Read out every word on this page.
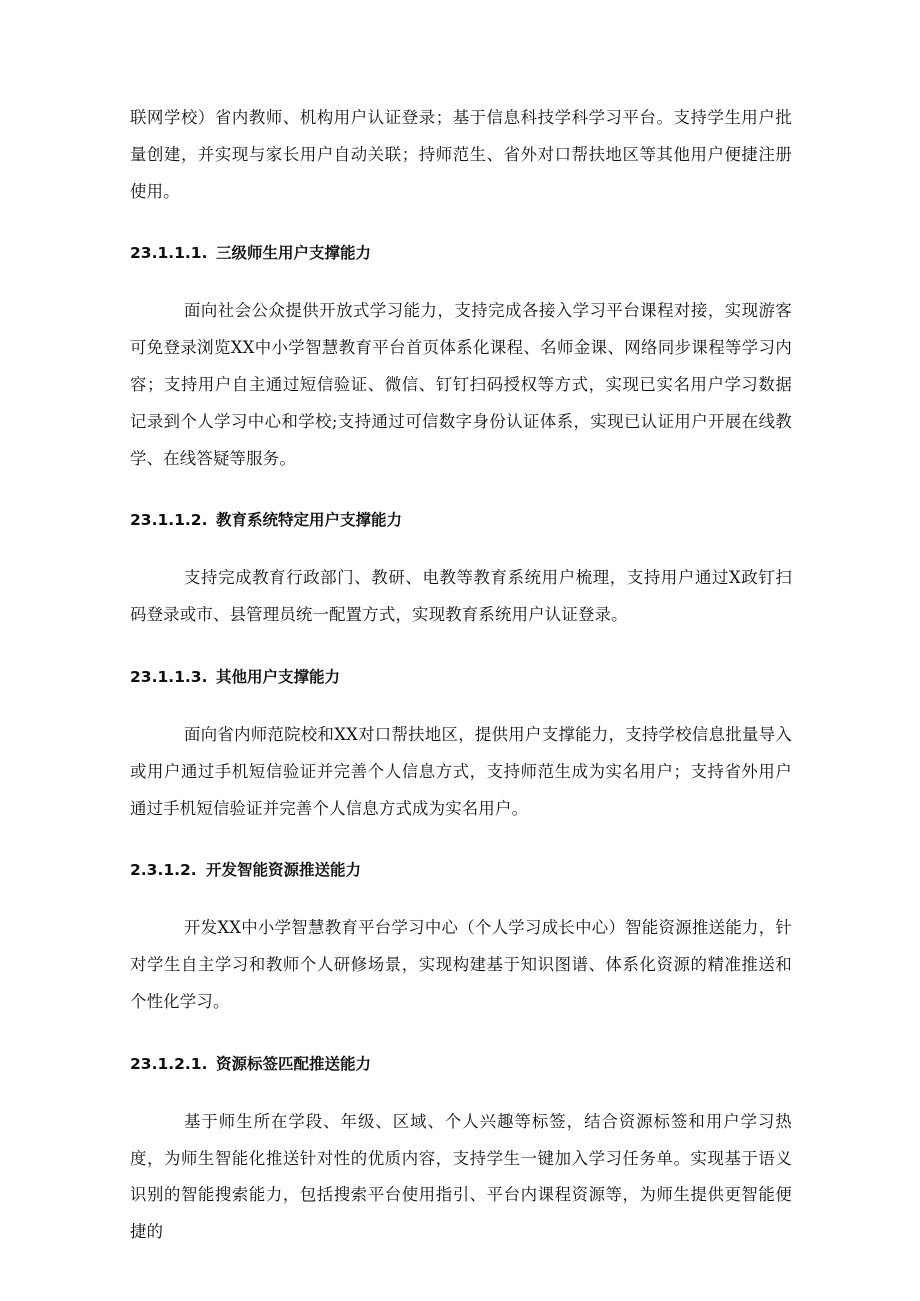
联网学校）省内教师、机构用户认证登录；基于信息科技学科学习平台。支持学生用户批量创建，并实现与家长用户自动关联；持师范生、省外对口帮扶地区等其他用户便捷注册使用。

23.1.1.1. 三级师生用户支撑能力

面向社会公众提供开放式学习能力，支持完成各接入学习平台课程对接，实现游客可免登录浏览XX中小学智慧教育平台首页体系化课程、名师金课、网络同步课程等学习内容；支持用户自主通过短信验证、微信、钉钉扫码授权等方式，实现已实名用户学习数据记录到个人学习中心和学校;支持通过可信数字身份认证体系，实现已认证用户开展在线教学、在线答疑等服务。

23.1.1.2. 教育系统特定用户支撑能力

支持完成教育行政部门、教研、电教等教育系统用户梳理，支持用户通过X政钉扫码登录或市、县管理员统一配置方式，实现教育系统用户认证登录。

23.1.1.3. 其他用户支撑能力

面向省内师范院校和XX对口帮扶地区，提供用户支撑能力，支持学校信息批量导入或用户通过手机短信验证并完善个人信息方式，支持师范生成为实名用户；支持省外用户通过手机短信验证并完善个人信息方式成为实名用户。

2.3.1.2. 开发智能资源推送能力

开发XX中小学智慧教育平台学习中心（个人学习成长中心）智能资源推送能力，针对学生自主学习和教师个人研修场景，实现构建基于知识图谱、体系化资源的精准推送和个性化学习。

23.1.2.1. 资源标签匹配推送能力

基于师生所在学段、年级、区域、个人兴趣等标签，结合资源标签和用户学习热度，为师生智能化推送针对性的优质内容，支持学生一键加入学习任务单。实现基于语义识别的智能搜索能力，包括搜索平台使用指引、平台内课程资源等，为师生提供更智能便捷的
